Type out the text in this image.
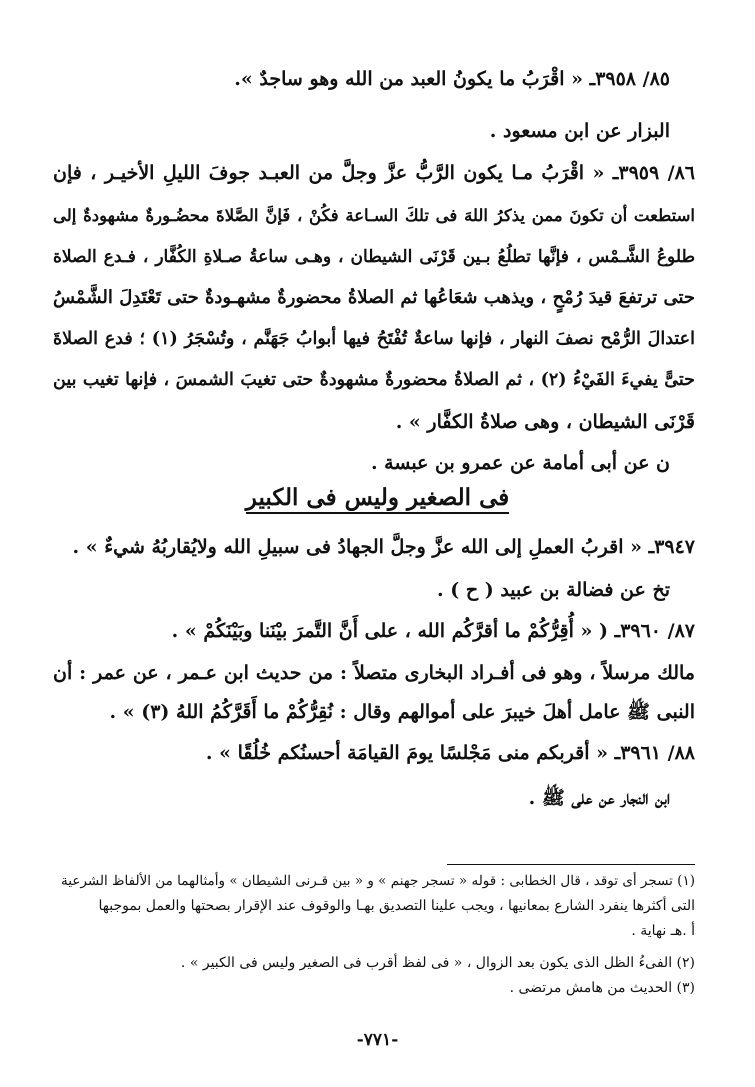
٨٥/ ٣٩٥٨ـ « اقْرَبُ ما يكونُ العبد من الله وهو ساجدٌ ».
البزار عن ابن مسعود .
٨٦/ ٣٩٥٩ـ « اقْرَبُ مـا يكون الرَّبُّ عزَّ وجلَّ من العبـد جوفَ الليلِ الأخيـر ، فإن
استطعت أن تكونَ ممن يذكرُ اللهَ فى تلكَ السـاعة فكُنْ ، فَإنَّ الصَّلاةَ محضُـورةٌ مشهودةٌ إلى
طلوعُ الشَّـمْس ، فإنَّها تطلُعُ بـين قَرْنَى الشيطان ، وهـى ساعةُ صـلاةِ الكُفَّار ، فـدع الصلاة
حتى ترتفعَ قيدَ رُمْحٍ ، ويذهب شعَاعُها ثم الصلاةُ محضورةٌ مشهـودةٌ حتى تَعْتَدِلَ الشَّمْسُ
اعتدالَ الرُّمْح نصفَ النهار ، فإنها ساعةٌ تُفْتَحُ فيها أبوابُ جَهَنَّم ، وتُسْجَرُ (١) ؛ فدع الصلاةَ
حتىًّ يفيءَ الفَيْءُ (٢) ، ثم الصلاةُ محضورةٌ مشهودةٌ حتى تغيبَ الشمسَ ، فإنها تغيب بين
قَرْنَى الشيطان ، وهى صلاةُ الكفَّار » .
ن عن أبى أمامة عن عمرو بن عبسة .
فى الصغير وليس فى الكبير
٣٩٤٧ـ « اقربُ العملِ إلى الله عزَّ وجلَّ الجهادُ فى سبيلِ الله ولايُقاربُهُ شيءٌ » .
تخ عن فضالة بن عبيد ( ح ) .
٨٧/ ٣٩٦٠ـ ( « أُقِرُّكُمْ ما أقرَّكُم الله ، على أَنَّ التَّمرَ بيْنَنا وبَيْنَكُمْ » .
مالك مرسلاً ، وهو فى أفـراد البخارى متصلاً : من حديث ابن عـمر ، عن عمر : أن
النبى ﷺ عامل أهلَ خيبرَ على أموالهم وقال : نُقِرُّكُمْ ما أَقَرَّكُمُ اللهُ (٣) » .
٨٨/ ٣٩٦١ـ « أقربكم منى مَجْلسًا يومَ القيامَة أحسنُكم خُلُقًا » .
ابن النجار عن على ﷺ .
(١) تسجر أى توقد ، قال الخطابى : قوله « تسجر جهنم » و « بين قـرنى الشيطان » وأمثالهما من الألفاظ الشرعية
التى أكثرها ينفرد الشارع بمعانيها ، ويجب علينا التصديق بهـا والوقوف عند الإقرار بصحتها والعمل بموجبها
أ .هـ نهاية .
(٢) الفىءُ الظل الذى يكون بعد الزوال ، « فى لفظ أقرب فى الصغير وليس فى الكبير » .
(٣) الحديث من هامش مرتضى .
-٧٧١-
